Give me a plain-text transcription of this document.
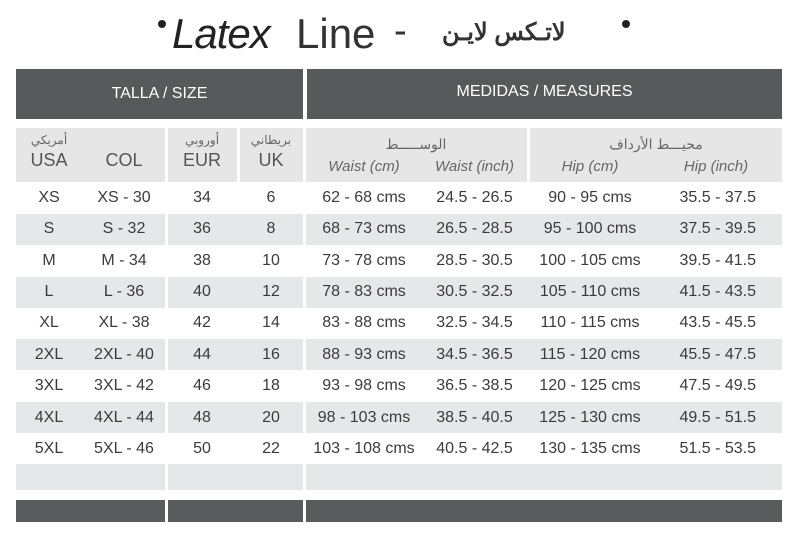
Latex Line - لاتـكس لايـن
TALLA / SIZE	MEDIDAS / MEASURES
أمريكي
USA	COL
أوروبي
EUR
بريطاني
UK
الوســـــط
Waist (cm)	Waist (inch)
محيـــط الأرداف
Hip (cm)	Hip (inch)
XS	XS - 30	34	6	62 - 68 cms	24.5 - 26.5	90 - 95 cms	35.5 - 37.5
S	S - 32	36	8	68 - 73 cms	26.5 - 28.5	95 - 100 cms	37.5 - 39.5
M	M - 34	38	10	73 - 78 cms	28.5 - 30.5	100 - 105 cms	39.5 - 41.5
L	L - 36	40	12	78 - 83 cms	30.5 - 32.5	105 - 110 cms	41.5 - 43.5
XL	XL - 38	42	14	83 - 88 cms	32.5 - 34.5	110 - 115 cms	43.5 - 45.5
2XL	2XL - 40	44	16	88 - 93 cms	34.5 - 36.5	115 - 120 cms	45.5 - 47.5
3XL	3XL - 42	46	18	93 - 98 cms	36.5 - 38.5	120 - 125 cms	47.5 - 49.5
4XL	4XL - 44	48	20	98 - 103 cms	38.5 - 40.5	125 - 130 cms	49.5 - 51.5
5XL	5XL - 46	50	22	103 - 108 cms	40.5 - 42.5	130 - 135 cms	51.5 - 53.5
